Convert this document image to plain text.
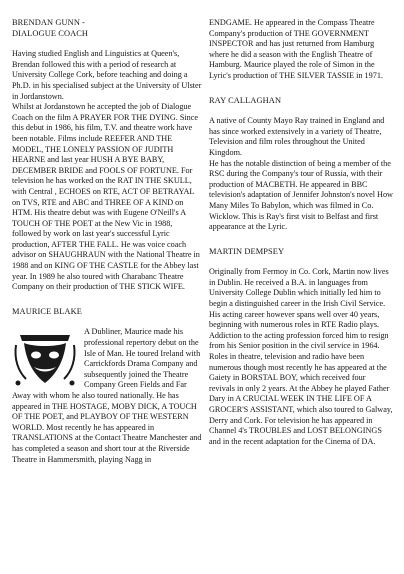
BRENDAN GUNN -

DIALOGUE COACH

Having studied English and Linguistics at Queen's, Brendan followed this with a period of research at University College Cork, before teaching and doing a Ph.D. in his specialised subject at the University of Ulster in Jordanstown.

Whilst at Jordanstown he accepted the job of Dialogue Coach on the film A PRAYER FOR THE DYING. Since this debut in 1986, his film, T.V. and theatre work have been notable. Films include REEFER AND THE MODEL, THE LONELY PASSION OF JUDITH HEARNE and last year HUSH A BYE BABY, DECEMBER BRIDE and FOOLS OF FORTUNE. For television he has worked on the RAT IN THE SKULL, with Central , ECHOES on RTE, ACT OF BETRAYAL on TVS, RTE and ABC and THREE OF A KIND on HTM. His theatre debut was with Eugene O'Neill's A TOUCH OF THE POET at the New Vic in 1988, followed by work on last year's successful Lyric production, AFTER THE FALL. He was voice coach advisor on SHAUGHRAUN with the National Theatre in 1988 and on KING OF THE CASTLE for the Abbey last year. In 1989 he also toured with Charabanc Theatre Company on their production of THE STICK WIFE.

MAURICE BLAKE

A Dubliner, Maurice made his professional repertory debut on the Isle of Man. He toured Ireland with Carrickfords Drama Company and subsequently joined the Theatre Company Green Fields and Far Away with whom he also toured nationally. He has appeared in THE HOSTAGE, MOBY DICK, A TOUCH OF THE POET, and PLAYBOY OF THE WESTERN WORLD. Most recently he has appeared in TRANSLATIONS at the Contact Theatre Manchester and has completed a season and short tour at the Riverside Theatre in Hammersmith, playing Nagg in

ENDGAME. He appeared in the Compass Theatre Company's production of THE GOVERNMENT INSPECTOR and has just returned from Hamburg where he did a season with the English Theatre of Hamburg. Maurice played the role of Simon in the Lyric's production of THE SILVER TASSIE in 1971.

RAY CALLAGHAN

A native of County Mayo Ray trained in England and has since worked extensively in a variety of Theatre, Television and film roles throughout the United Kingdom.

He has the notable distinction of being a member of the RSC during the Company's tour of Russia, with their production of MACBETH. He appeared in BBC television's adaptation of Jennifer Johnston's novel How Many Miles To Babylon, which was filmed in Co. Wicklow. This is Ray's first visit to Belfast and first appearance at the Lyric.

MARTIN DEMPSEY

Originally from Fermoy in Co. Cork, Martin now lives in Dublin. He received a B.A. in languages from University College Dublin which initially led him to begin a distinguished career in the Irish Civil Service. His acting career however spans well over 40 years, beginning with numerous roles in RTE Radio plays. Addiction to the acting profession forced him to resign from his Senior position in the civil service in 1964. Roles in theatre, television and radio have been numerous though most recently he has appeared at the Gaiety in BORSTAL BOY, which received four revivals in only 2 years. At the Abbey he played Father Dary in A CRUCIAL WEEK IN THE LIFE OF A GROCER'S ASSISTANT, which also toured to Galway, Derry and Cork. For television he has appeared in Channel 4's TROUBLES and LOST BELONGINGS and in the recent adaptation for the Cinema of DA.
